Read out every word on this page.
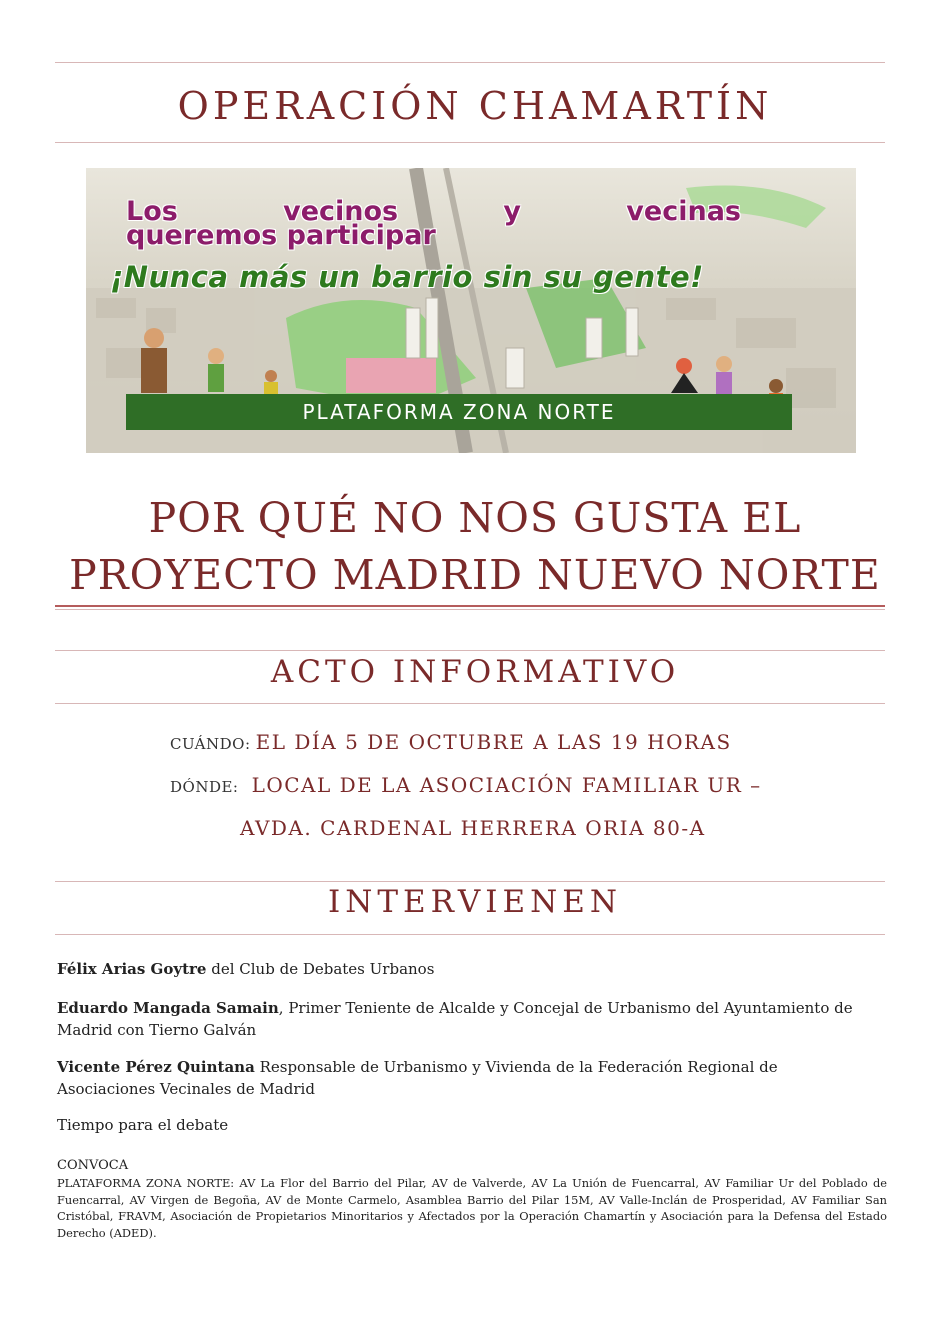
OPERACIÓN CHAMARTÍN
Los	vecinos	y	vecinas
queremos participar
¡Nunca más un barrio sin su gente!
PLATAFORMA ZONA NORTE
POR QUÉ NO NOS GUSTA EL
PROYECTO MADRID NUEVO NORTE
ACTO INFORMATIVO
CUÁNDO: EL DÍA 5 DE OCTUBRE A LAS 19 HORAS
DÓNDE: LOCAL DE LA ASOCIACIÓN FAMILIAR UR –
AVDA. CARDENAL HERRERA ORIA 80-A
INTERVIENEN
Félix Arias Goytre del Club de Debates Urbanos
Eduardo Mangada Samain, Primer Teniente de Alcalde y Concejal de Urbanismo del Ayuntamiento de Madrid con Tierno Galván
Vicente Pérez Quintana Responsable de Urbanismo y Vivienda de la Federación Regional de Asociaciones Vecinales de Madrid
Tiempo para el debate
CONVOCA
PLATAFORMA ZONA NORTE: AV La Flor del Barrio del Pilar, AV de Valverde, AV La Unión de Fuencarral, AV Familiar Ur del Poblado de Fuencarral, AV Virgen de Begoña, AV de Monte Carmelo, Asamblea Barrio del Pilar 15M, AV Valle-Inclán de Prosperidad, AV Familiar San Cristóbal, FRAVM, Asociación de Propietarios Minoritarios y Afectados por la Operación Chamartín y Asociación para la Defensa del Estado Derecho (ADED).
